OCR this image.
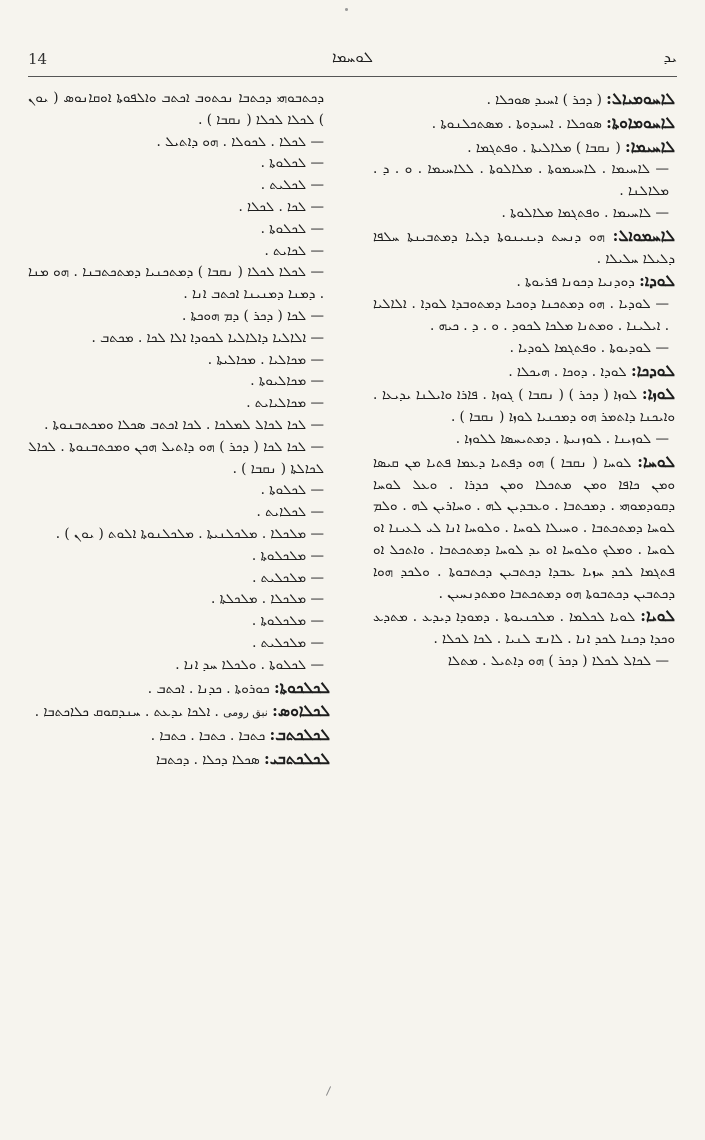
14	ܠܘܚܡܐ	ܝܕ

ܠܐܚܘܡܝܐܠ: ( ܕܟܪ ) ܐܚܝܕ ܣܘܟܠܐ .

ܠܐܚܘܡܐܘܬܐ: ܣܘܟܠܐ . ܐܚܝܕܘܬܐ . ܡܣܬܟܠܢܘܬܐ .

ܠܐܚܝܡܐ: ( ܢܩܒܐ ) ܡܠܐܠܝܬܐ . ܘܦܬܓܡܐ .

— ܠܐܚܝܡܐ . ܠܐܚܝܡܘܬܐ . ܡܠܐܠܘܬܐ . ܠܠܐܚܝܡܐ . ܘ . ܕ . ܡܠܐܠܢܐ .

— ܠܐܚܝܡܐ . ܘܦܬܓܡܐ ܡܠܐܠܘܬܐ .

ܠܐܚܡܘܐܠ: ܗܘ ܕܢܚܬ ܕܝܢܝܢܘܬܐ ܕܠܝܐ ܕܡܬܒܝܢܬܐ ܚܠܦܐ ܕܠܝܠܐ ܚܠܝܠܐ .

ܠܘܕܐ: ܕܘܕܢܝܐ ܕܟܘܢܐ ܦܪܝܘܬܐ .

— ܠܘܕܝܐ . ܗܘ ܕܡܬܟܢܐ ܕܘܟܝܐ ܕܡܬܘܒܕܐ ܠܘܕܐ . ܐܠܐܠܝܐ . ܐܝܠܝܢܐ . ܘܡܬܢܐ ܡܠܟܐ ܠܟܘܕ . ܘ . ܕ . ܟܝܗ .

— ܠܘܕܝܘܬܐ . ܘܦܬܓܡܐ ܠܘܕܝܐ .

ܠܘܕܟܐ: ܠܘܕܐ . ܕܘܟܐ . ܗܝܟܠܐ .

ܠܘܙܐ: ܠܘܙܐ ( ܕܟܪ ) ( ܢܩܒܐ ) ܓܘܙܐ . ܦܐܪܐ ܘܐܝܠܢܐ ܝܕܝܥܐ . ܘܐܝܟܢܐ ܕܐܬܡܪ ܗܘ ܕܡܟܢܝܐ ܠܘܙܐ ( ܢܩܒܐ ) .

— ܠܘܙܝܢܐ . ܠܘܙܢܝܬܐ . ܕܡܬܝܚܣܐ ܠܠܘܙܐ .

ܠܘܚܐ: ܠܘܚܐ ( ܢܩܒܐ ) ܗܘ ܕܦܬܝܐ ܕܥܡܐ ܦܬܝܐ ܡܢ ܩܝܣܐ ܘܡܢ ܟܐܦܐ ܘܡܢ ܡܬܟܠܐ ܘܡܢ ܟܕܪܐ . ܘܥܠ ܠܘܚܐ ܕܩܘܕܡܘܗܝ . ܕܡܟܬܒܐ . ܘܥܒܕܝܢ ܠܗ . ܘܚܐܪܝܢ ܠܗ . ܘܠܡ ܠܘܚܐ ܕܡܬܟܬܒܐ . ܘܚܝܠܐ ܠܘܚܐ . ܘܠܘܚܐ ܐܢܐ ܠܝ ܠܥܝܢܐ ܐܘ ܠܘܚܐ . ܘܡܠܟ ܘܠܘܚܐ ܐܘ ܝܕ ܠܘܚܐ ܕܡܬܟܬܒܐ . ܘܐܬܟܠ ܐܘ ܦܬܓܡܐ ܠܟܕ ܚܙܝܐ ܥܒܕܐ ܕܟܬܒܝܢ ܕܟܬܒܘܬܐ . ܘܠܟܕ ܗܘܐ ܕܟܬܒܝܢ ܕܟܬܒܘܬܐ ܗܘ ܕܡܬܟܬܒܐ ܘܡܬܕܢܚܝܢ .

ܠܘܝܐ: ܠܘܝܐ ܠܟܠܡܐ . ܡܠܟܢܝܘܬܐ . ܕܡܘܕܐ ܕܝܕܥ . ܡܬܕܥ ܘܟܕܐ ܕܟܢܐ ܠܟܕ ܐܢܐ . ܠܐܢܫ ܠܢܝܐ . ܠܟܐ ܠܟܠܐ .

— ܠܟܐܠ ܠܟܠܐ ( ܕܟܪ ) ܗܘ ܕܐܬܝܠ . ܡܬܠܐ

ܕܟܬܒܘܗܝ ܕܟܬܒܐ ܢܟܬܘܒ ܐܟܬܒ ܘܐܠܦܘܬܐ ܐܘܩܐܢܘܣ ( ܝܘܢ ) ܠܟܠܐ ܠܟܠܐ ( ܢܩܒܐ ) .

— ܠܟܠܐ . ܠܟܘܠܐ . ܗܘ ܕܐܬܝܠ .

— ܠܟܠܘܬܐ .

— ܠܟܠܝܬ .

— ܠܟܐ . ܠܟܠܐ .

— ܠܟܠܘܬܐ .

— ܠܟܐܝܬ .

— ܠܟܠܐ ܠܟܠܐ ( ܢܩܒܐ ) ܕܡܬܟܢܝܐ ܕܡܬܟܬܒܢܐ . ܗܘ ܡܢܐ . ܕܡܢܐ ܕܡܢܝܢܐ ܐܟܬܒ ܐܢܐ .

— ܠܟܐ ( ܕܟܪ ) ܕܡ ܗܘܟܬܐ .

— ܐܠܐܠܝܐ ܕܐܠܐܠܝܐ ܠܟܘܕܐ ܐܠܐ ܠܟܐ . ܡܟܬܒ .

— ܡܟܐܠܝܐ . ܡܟܐܠܝܬܐ .

— ܡܟܐܠܝܘܬܐ .

— ܡܟܐܠܝܐܝܬ .

— ܠܟܐ ܠܟܐܠ ܠܡܠܟܐ . ܠܟܐ ܐܟܬܒ ܣܟܠܐ ܘܡܟܬܒܢܘܬܐ .

— ܠܟܐ ܠܟܐ ( ܕܟܪ ) ܗܘ ܕܐܬܝܠ ܗܟܢ ܘܡܟܬܒܢܘܬܐ . ܠܟܐܠ ܠܟܐܠܬܐ ( ܢܩܒܐ ) .

— ܠܟܠܘܬܐ .

— ܠܟܠܐܝܬ .

— ܡܠܟܠܐ . ܡܠܟܠܢܝܬܐ . ܡܠܟܠܢܘܬܐ ܐܠܘܬ ( ܝܘܢ ) .

— ܡܠܟܠܘܬܐ .

— ܡܠܟܠܝܬ .

— ܡܠܟܠܐ . ܡܠܟܠܬܐ .

— ܡܠܟܠܘܬܐ .

— ܡܠܟܠܝܬ .

— ܠܟܠܘܬܐ . ܘܠܟܠܐ ܚܕ ܐܢܐ .

ܠܟܠܟܘܬܐ: ܟܘܪܘܬܐ . ܟܕܢܐ . ܐܟܬܒ .

ܠܟܠܐܘܣ: نبق رومى . ܐܠܟܐ ܝܕܥܬ . ܚܢܕܩܘܩ ܟܠܐܟܬܒܐ .

ܠܟܠܟܬܒ: ܟܬܒܐ . ܟܬܒܐ . ܟܬܒܐ .

ܠܟܠܟܬܒܝ: ܣܟܠܐ ܕܟܠܐ . ܕܟܬܒܐ
